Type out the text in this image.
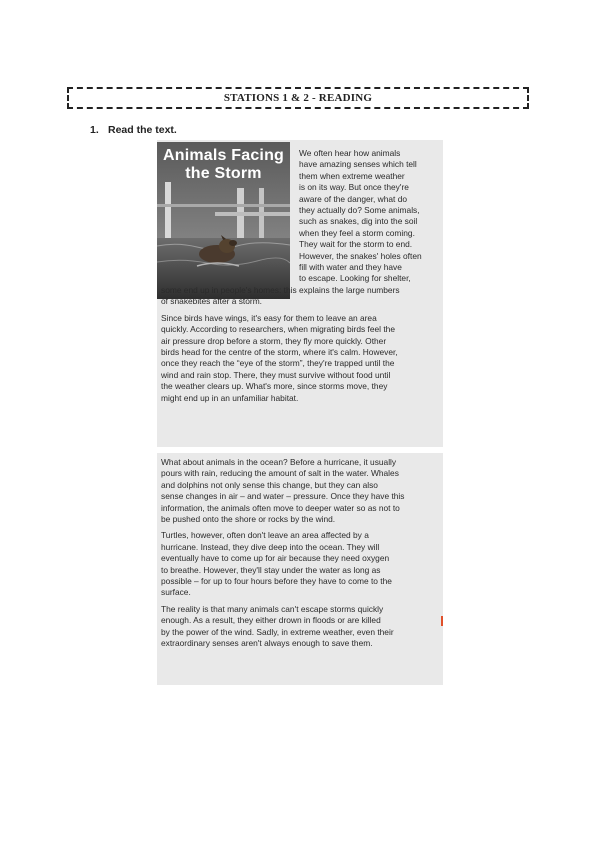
STATIONS 1 & 2 - READING
1. Read the text.
Animals Facing
the Storm
We often hear how animals
have amazing senses which tell
them when extreme weather
is on its way. But once they're
aware of the danger, what do
they actually do? Some animals,
such as snakes, dig into the soil
when they feel a storm coming.
They wait for the storm to end.
However, the snakes' holes often
fill with water and they have
to escape. Looking for shelter,
some end up in people's homes: this explains the large numbers
of snakebites after a storm.
Since birds have wings, it's easy for them to leave an area
quickly. According to researchers, when migrating birds feel the
air pressure drop before a storm, they fly more quickly. Other
birds head for the centre of the storm, where it's calm. However,
once they reach the “eye of the storm”, they're trapped until the
wind and rain stop. There, they must survive without food until
the weather clears up. What's more, since storms move, they
might end up in an unfamiliar habitat.
What about animals in the ocean? Before a hurricane, it usually
pours with rain, reducing the amount of salt in the water. Whales
and dolphins not only sense this change, but they can also
sense changes in air – and water – pressure. Once they have this
information, the animals often move to deeper water so as not to
be pushed onto the shore or rocks by the wind.
Turtles, however, often don't leave an area affected by a
hurricane. Instead, they dive deep into the ocean. They will
eventually have to come up for air because they need oxygen
to breathe. However, they'll stay under the water as long as
possible – for up to four hours before they have to come to the
surface.
The reality is that many animals can't escape storms quickly
enough. As a result, they either drown in floods or are killed
by the power of the wind. Sadly, in extreme weather, even their
extraordinary senses aren't always enough to save them.
